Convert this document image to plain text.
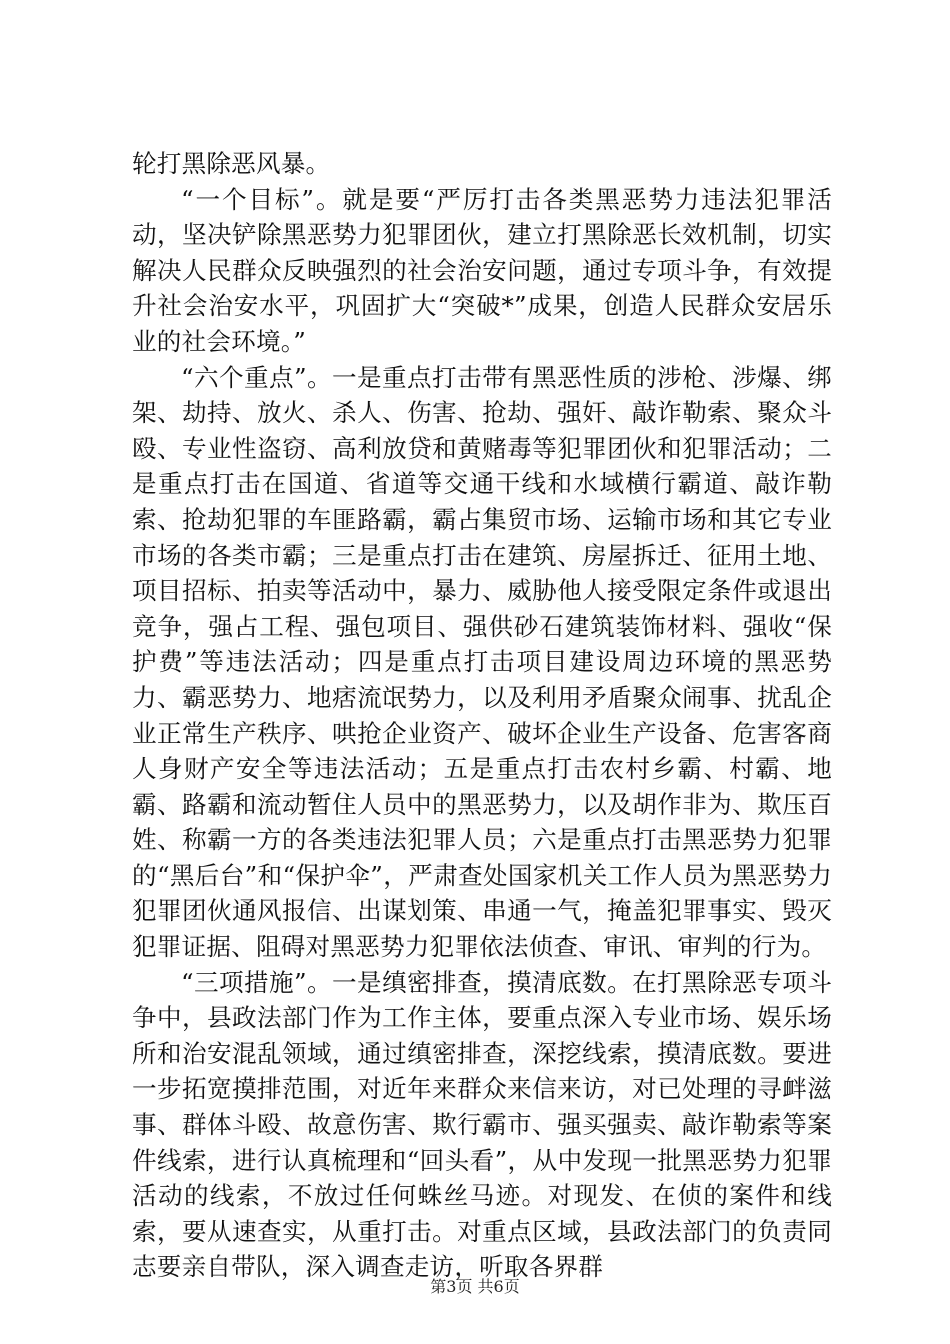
轮打黑除恶风暴。

“一个目标”。就是要“严厉打击各类黑恶势力违法犯罪活动，坚决铲除黑恶势力犯罪团伙，建立打黑除恶长效机制，切实解决人民群众反映强烈的社会治安问题，通过专项斗争，有效提升社会治安水平，巩固扩大“突破*”成果，创造人民群众安居乐业的社会环境。”

“六个重点”。一是重点打击带有黑恶性质的涉枪、涉爆、绑架、劫持、放火、杀人、伤害、抢劫、强奸、敲诈勒索、聚众斗殴、专业性盗窃、高利放贷和黄赌毒等犯罪团伙和犯罪活动；二是重点打击在国道、省道等交通干线和水域横行霸道、敲诈勒索、抢劫犯罪的车匪路霸，霸占集贸市场、运输市场和其它专业市场的各类市霸；三是重点打击在建筑、房屋拆迁、征用土地、项目招标、拍卖等活动中，暴力、威胁他人接受限定条件或退出竞争，强占工程、强包项目、强供砂石建筑装饰材料、强收“保护费”等违法活动；四是重点打击项目建设周边环境的黑恶势力、霸恶势力、地痞流氓势力，以及利用矛盾聚众闹事、扰乱企业正常生产秩序、哄抢企业资产、破坏企业生产设备、危害客商人身财产安全等违法活动；五是重点打击农村乡霸、村霸、地霸、路霸和流动暂住人员中的黑恶势力，以及胡作非为、欺压百姓、称霸一方的各类违法犯罪人员；六是重点打击黑恶势力犯罪的“黑后台”和“保护伞”，严肃查处国家机关工作人员为黑恶势力犯罪团伙通风报信、出谋划策、串通一气，掩盖犯罪事实、毁灭犯罪证据、阻碍对黑恶势力犯罪依法侦查、审讯、审判的行为。

“三项措施”。一是缜密排查，摸清底数。在打黑除恶专项斗争中，县政法部门作为工作主体，要重点深入专业市场、娱乐场所和治安混乱领域，通过缜密排查，深挖线索，摸清底数。要进一步拓宽摸排范围，对近年来群众来信来访，对已处理的寻衅滋事、群体斗殴、故意伤害、欺行霸市、强买强卖、敲诈勒索等案件线索，进行认真梳理和“回头看”，从中发现一批黑恶势力犯罪活动的线索，不放过任何蛛丝马迹。对现发、在侦的案件和线索，要从速查实，从重打击。对重点区域，县政法部门的负责同志要亲自带队，深入调查走访，听取各界群

第3页 共6页
